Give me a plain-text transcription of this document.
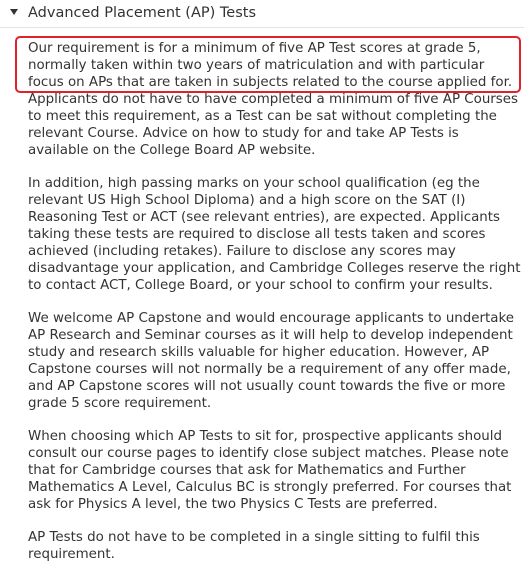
Advanced Placement (AP) Tests
Our requirement is for a minimum of five AP Test scores at grade 5,
normally taken within two years of matriculation and with particular
focus on APs that are taken in subjects related to the course applied for.
Applicants do not have to have completed a minimum of five AP Courses
to meet this requirement, as a Test can be sat without completing the
relevant Course. Advice on how to study for and take AP Tests is
available on the College Board AP website.
In addition, high passing marks on your school qualification (eg the
relevant US High School Diploma) and a high score on the SAT (I)
Reasoning Test or ACT (see relevant entries), are expected. Applicants
taking these tests are required to disclose all tests taken and scores
achieved (including retakes). Failure to disclose any scores may
disadvantage your application, and Cambridge Colleges reserve the right
to contact ACT, College Board, or your school to confirm your results.
We welcome AP Capstone and would encourage applicants to undertake
AP Research and Seminar courses as it will help to develop independent
study and research skills valuable for higher education. However, AP
Capstone courses will not normally be a requirement of any offer made,
and AP Capstone scores will not usually count towards the five or more
grade 5 score requirement.
When choosing which AP Tests to sit for, prospective applicants should
consult our course pages to identify close subject matches. Please note
that for Cambridge courses that ask for Mathematics and Further
Mathematics A Level, Calculus BC is strongly preferred. For courses that
ask for Physics A level, the two Physics C Tests are preferred.
AP Tests do not have to be completed in a single sitting to fulfil this
requirement.
